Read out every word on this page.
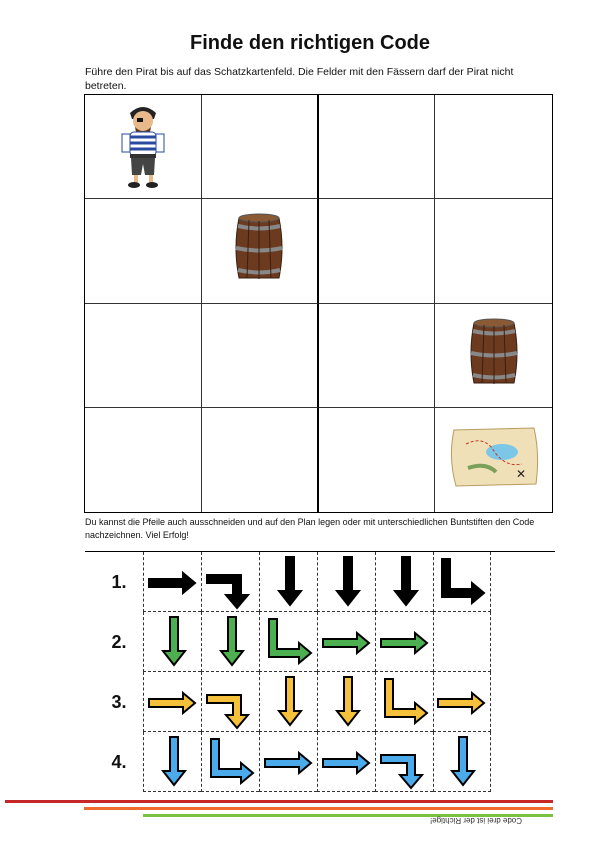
Finde den richtigen Code
Führe den Pirat bis auf das Schatzkartenfeld. Die Felder mit den Fässern darf der Pirat nicht betreten.
✕
Du kannst die Pfeile auch ausschneiden und auf den Plan legen oder mit unterschiedlichen Buntstiften den Code nachzeichnen. Viel Erfolg!
1.
2.
3.
4.
Code drei ist der Richtige!
